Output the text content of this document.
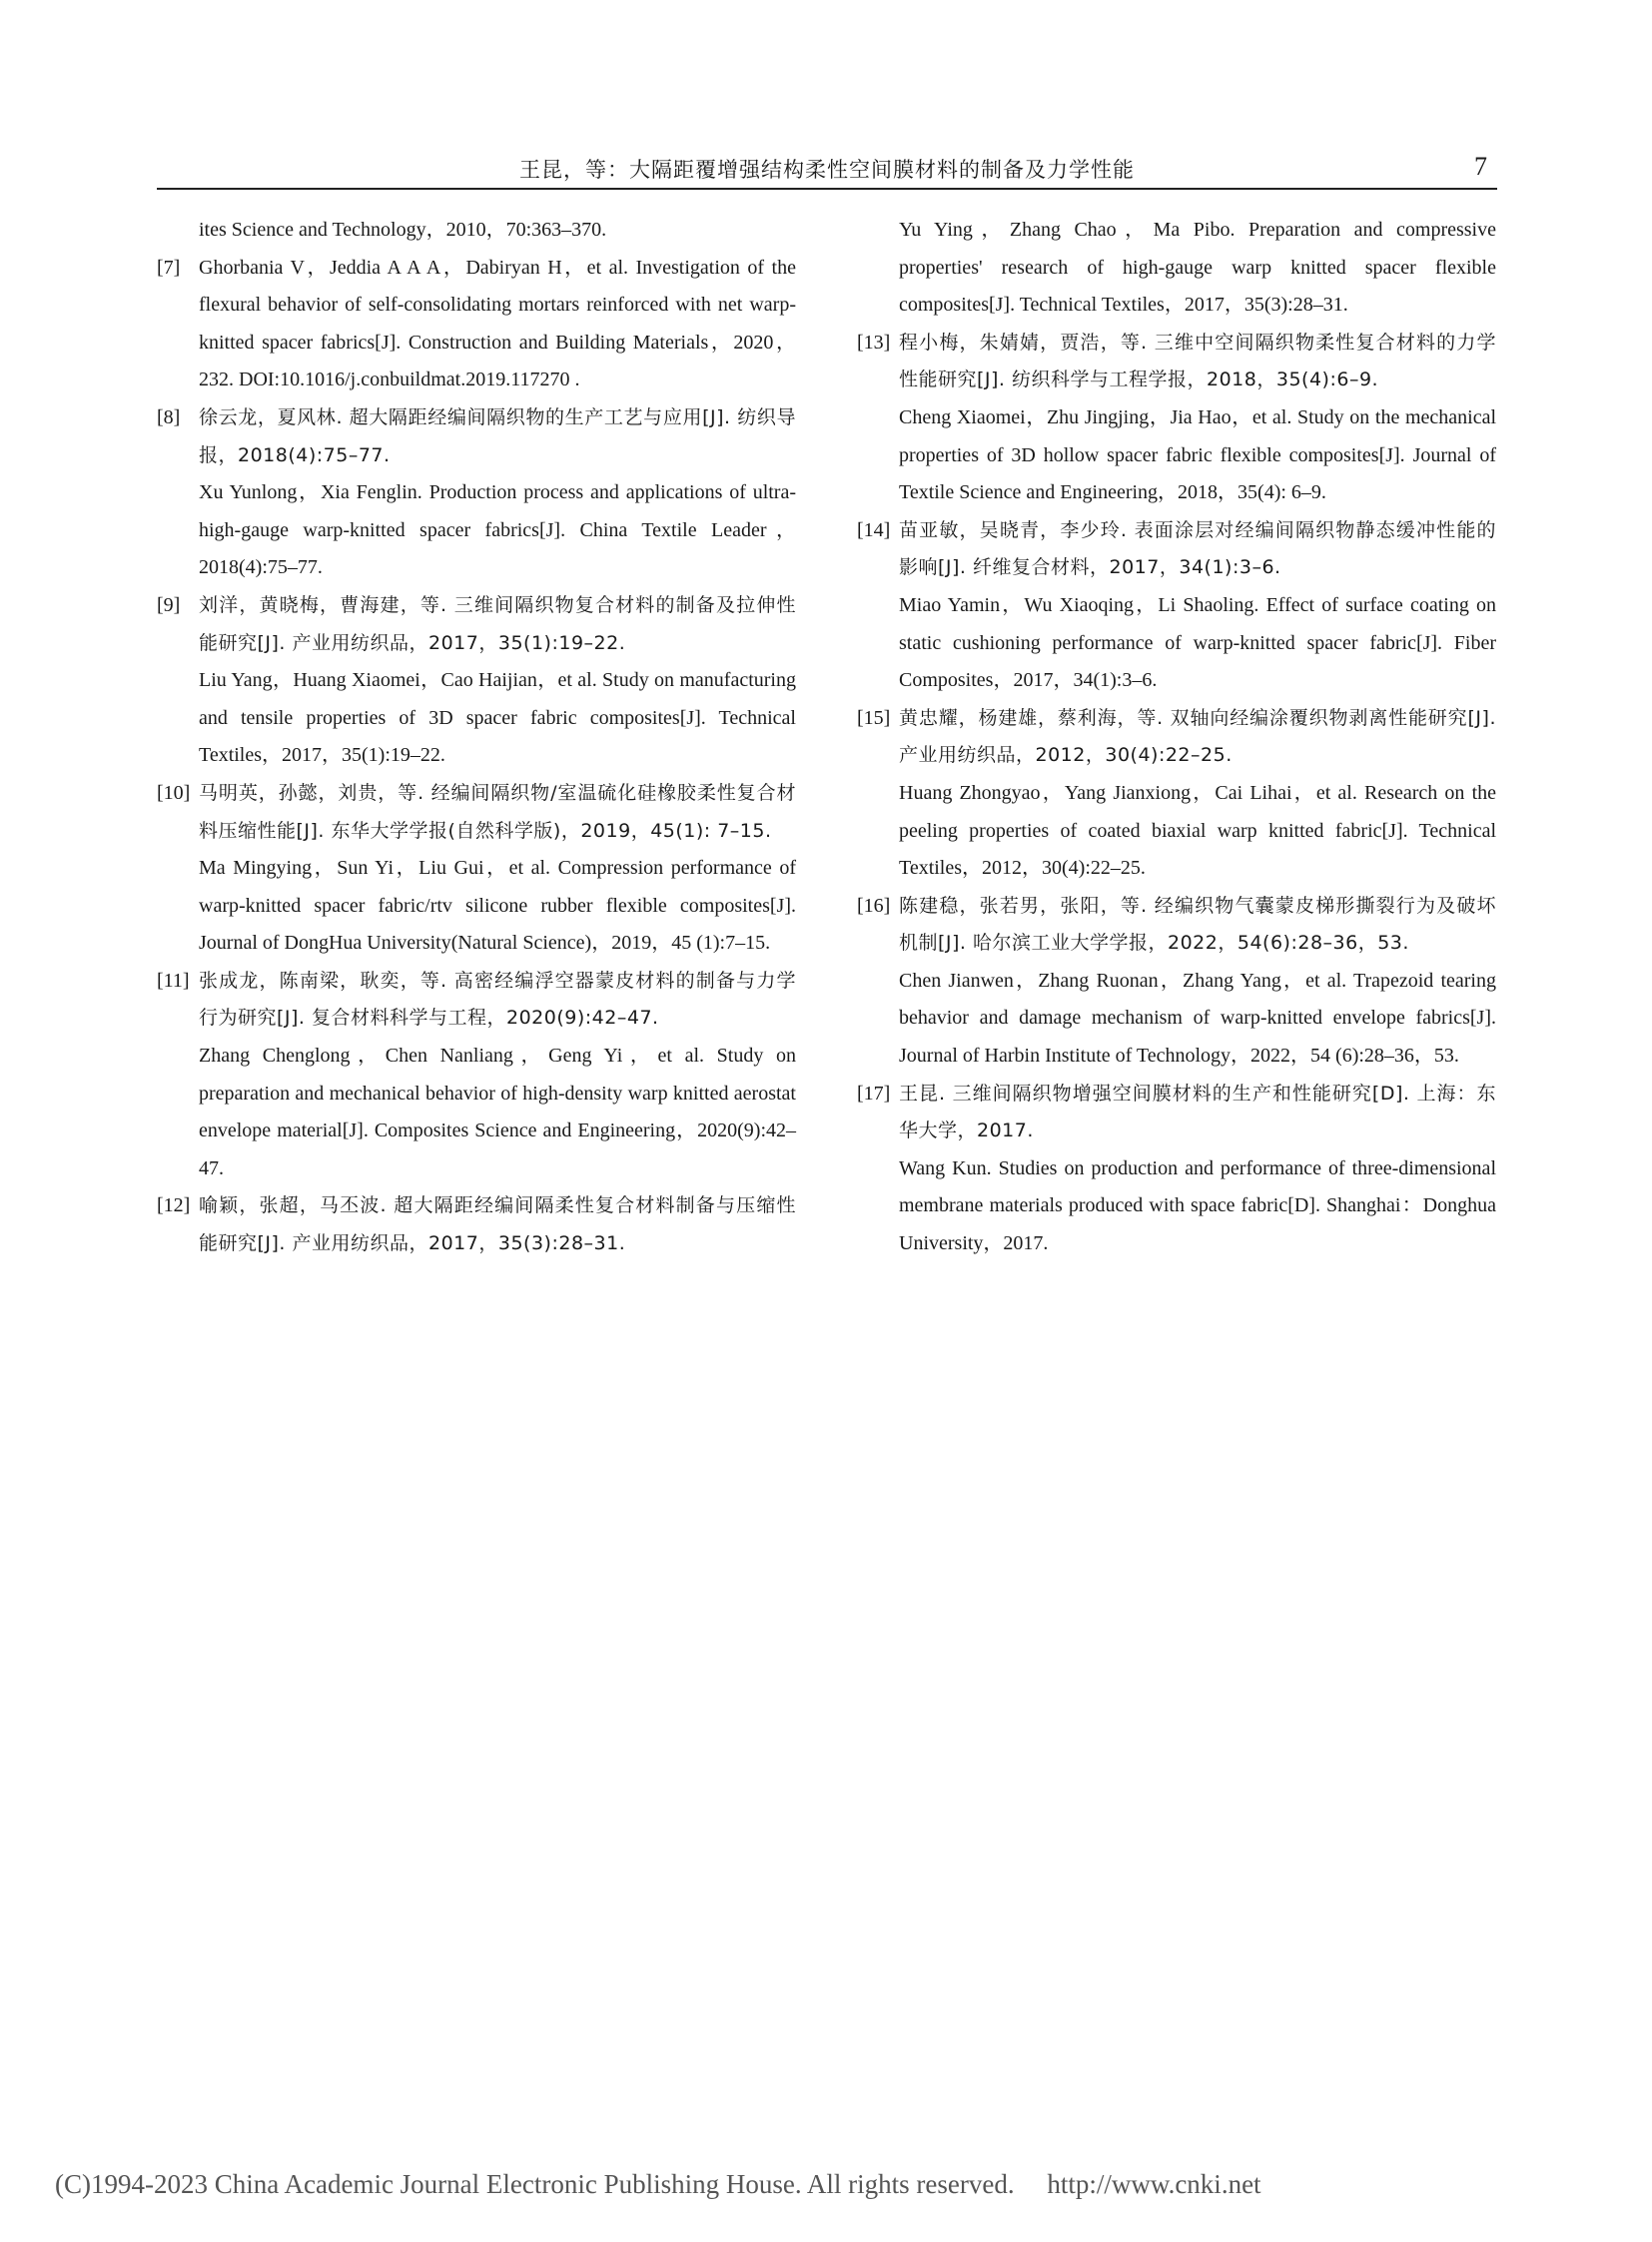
王昆，等：大隔距覆增强结构柔性空间膜材料的制备及力学性能	7
ites Science and Technology，2010，70:363–370.
[7] Ghorbania V，Jeddia A A A，Dabiryan H，et al. Investigation of the flexural behavior of self-consolidating mortars reinforced with net warp-knitted spacer fabrics[J]. Construction and Building Materials，2020，232. DOI:10.1016/j.conbuildmat.2019.117270 .
[8] 徐云龙，夏风林. 超大隔距经编间隔织物的生产工艺与应用[J]. 纺织导报，2018(4):75–77.
Xu Yunlong，Xia Fenglin. Production process and applications of ultra-high-gauge warp-knitted spacer fabrics[J]. China Textile Leader，2018(4):75–77.
[9] 刘洋，黄晓梅，曹海建，等. 三维间隔织物复合材料的制备及拉伸性能研究[J]. 产业用纺织品，2017，35(1):19–22.
Liu Yang，Huang Xiaomei，Cao Haijian，et al. Study on manufacturing and tensile properties of 3D spacer fabric composites[J]. Technical Textiles，2017，35(1):19–22.
[10] 马明英，孙懿，刘贵，等. 经编间隔织物/室温硫化硅橡胶柔性复合材料压缩性能[J]. 东华大学学报(自然科学版)，2019，45(1): 7–15.
Ma Mingying，Sun Yi，Liu Gui，et al. Compression performance of warp-knitted spacer fabric/rtv silicone rubber flexible composites[J]. Journal of DongHua University(Natural Science)，2019，45 (1):7–15.
[11] 张成龙，陈南梁，耿奕，等. 高密经编浮空器蒙皮材料的制备与力学行为研究[J]. 复合材料科学与工程，2020(9):42–47.
Zhang Chenglong，Chen Nanliang，Geng Yi，et al. Study on preparation and mechanical behavior of high-density warp knitted aerostat envelope material[J]. Composites Science and Engineering，2020(9):42–47.
[12] 喻颖，张超，马丕波. 超大隔距经编间隔柔性复合材料制备与压缩性能研究[J]. 产业用纺织品，2017，35(3):28–31.
Yu Ying，Zhang Chao，Ma Pibo. Preparation and compressive properties' research of high-gauge warp knitted spacer flexible composites[J]. Technical Textiles，2017，35(3):28–31.
[13] 程小梅，朱婧婧，贾浩，等. 三维中空间隔织物柔性复合材料的力学性能研究[J]. 纺织科学与工程学报，2018，35(4):6–9.
Cheng Xiaomei，Zhu Jingjing，Jia Hao，et al. Study on the mechanical properties of 3D hollow spacer fabric flexible composites[J]. Journal of Textile Science and Engineering，2018，35(4): 6–9.
[14] 苗亚敏，吴晓青，李少玲. 表面涂层对经编间隔织物静态缓冲性能的影响[J]. 纤维复合材料，2017，34(1):3–6.
Miao Yamin，Wu Xiaoqing，Li Shaoling. Effect of surface coating on static cushioning performance of warp-knitted spacer fabric[J]. Fiber Composites，2017，34(1):3–6.
[15] 黄忠耀，杨建雄，蔡利海，等. 双轴向经编涂覆织物剥离性能研究[J]. 产业用纺织品，2012，30(4):22–25.
Huang Zhongyao，Yang Jianxiong，Cai Lihai，et al. Research on the peeling properties of coated biaxial warp knitted fabric[J]. Technical Textiles，2012，30(4):22–25.
[16] 陈建稳，张若男，张阳，等. 经编织物气囊蒙皮梯形撕裂行为及破坏机制[J]. 哈尔滨工业大学学报，2022，54(6):28–36，53.
Chen Jianwen，Zhang Ruonan，Zhang Yang，et al. Trapezoid tearing behavior and damage mechanism of warp-knitted envelope fabrics[J]. Journal of Harbin Institute of Technology，2022，54 (6):28–36，53.
[17] 王昆. 三维间隔织物增强空间膜材料的生产和性能研究[D]. 上海：东华大学，2017.
Wang Kun. Studies on production and performance of three-dimensional membrane materials produced with space fabric[D]. Shanghai：Donghua University，2017.
(C)1994-2023 China Academic Journal Electronic Publishing House. All rights reserved. http://www.cnki.net
